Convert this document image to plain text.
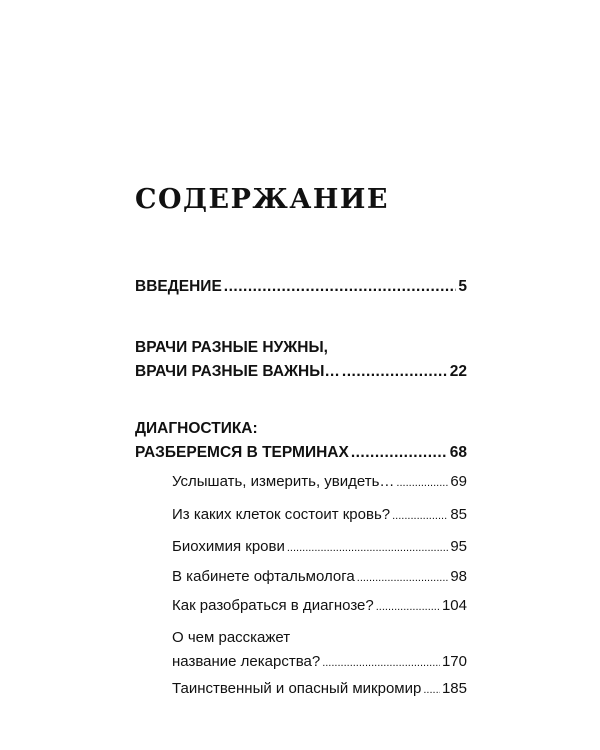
СОДЕРЖАНИЕ
ВВЕДЕНИЕ .....	5
ВРАЧИ РАЗНЫЕ НУЖНЫ,
ВРАЧИ РАЗНЫЕ ВАЖНЫ… .....	22
ДИАГНОСТИКА:
РАЗБЕРЕМСЯ В ТЕРМИНАХ .....	68
Услышать, измерить, увидеть… .....	69
Из каких клеток состоит кровь? .....	85
Биохимия крови .....	95
В кабинете офтальмолога .....	98
Как разобраться в диагнозе? .....	104
О чем расскажет
название лекарства? .....	170
Таинственный и опасный микромир ..... 185
